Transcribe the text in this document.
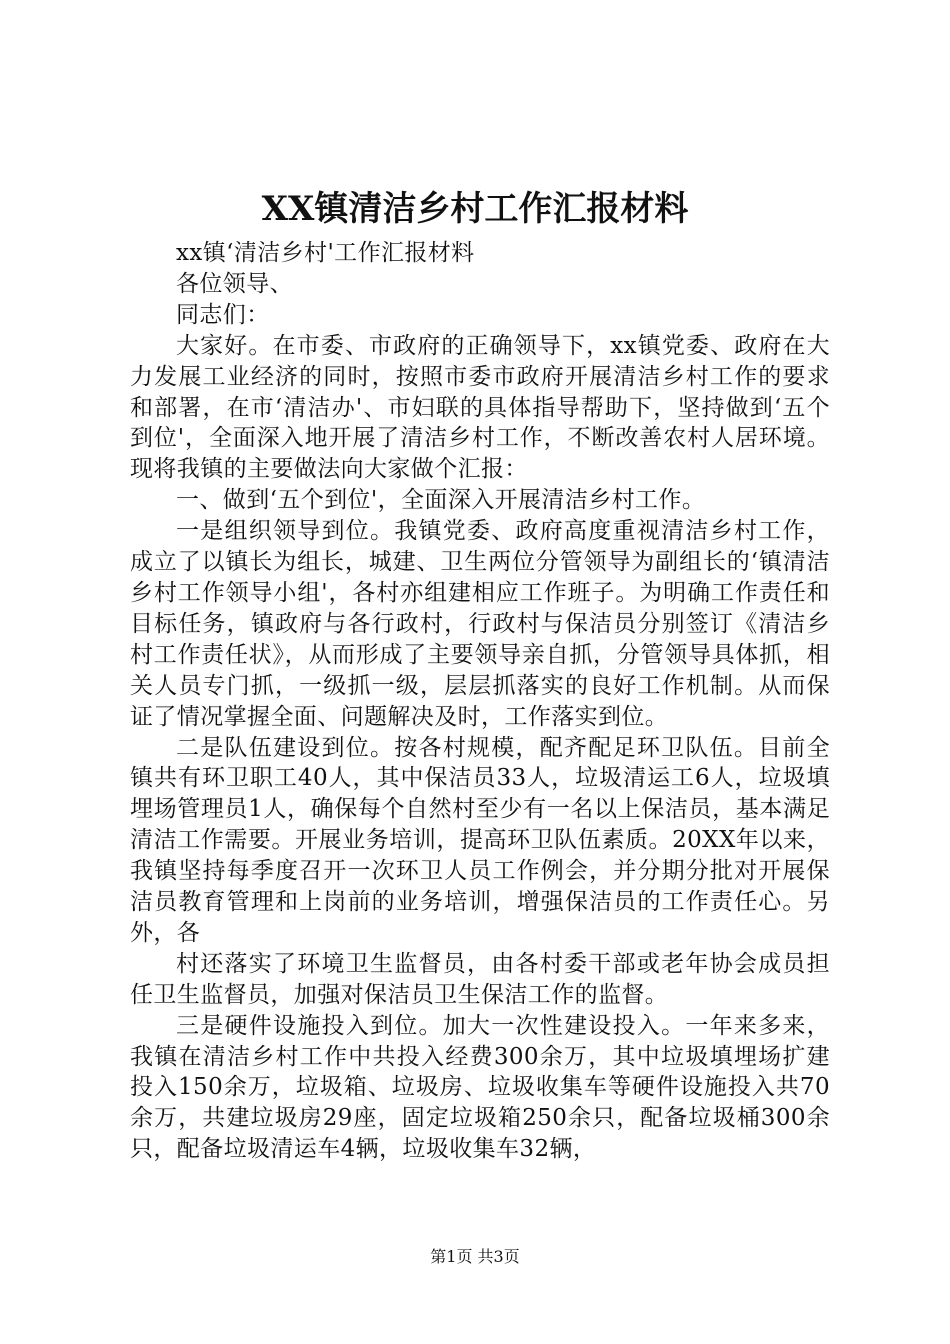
XX镇清洁乡村工作汇报材料

xx镇‘清洁乡村'工作汇报材料

各位领导、

同志们：

大家好。在市委、市政府的正确领导下，xx镇党委、政府在大力发展工业经济的同时，按照市委市政府开展清洁乡村工作的要求和部署，在市‘清洁办'、市妇联的具体指导帮助下，坚持做到‘五个到位'，全面深入地开展了清洁乡村工作，不断改善农村人居环境。现将我镇的主要做法向大家做个汇报：

一、做到‘五个到位'，全面深入开展清洁乡村工作。

一是组织领导到位。我镇党委、政府高度重视清洁乡村工作，成立了以镇长为组长，城建、卫生两位分管领导为副组长的‘镇清洁乡村工作领导小组'，各村亦组建相应工作班子。为明确工作责任和目标任务，镇政府与各行政村，行政村与保洁员分别签订《清洁乡村工作责任状》，从而形成了主要领导亲自抓，分管领导具体抓，相关人员专门抓，一级抓一级，层层抓落实的良好工作机制。从而保证了情况掌握全面、问题解决及时，工作落实到位。

二是队伍建设到位。按各村规模，配齐配足环卫队伍。目前全镇共有环卫职工40人，其中保洁员33人，垃圾清运工6人，垃圾填埋场管理员1人，确保每个自然村至少有一名以上保洁员，基本满足清洁工作需要。开展业务培训，提高环卫队伍素质。20XX年以来，我镇坚持每季度召开一次环卫人员工作例会，并分期分批对开展保洁员教育管理和上岗前的业务培训，增强保洁员的工作责任心。另外，各

村还落实了环境卫生监督员，由各村委干部或老年协会成员担任卫生监督员，加强对保洁员卫生保洁工作的监督。

三是硬件设施投入到位。加大一次性建设投入。一年来多来，我镇在清洁乡村工作中共投入经费300余万，其中垃圾填埋场扩建投入150余万，垃圾箱、垃圾房、垃圾收集车等硬件设施投入共70余万，共建垃圾房29座，固定垃圾箱250余只，配备垃圾桶300余只，配备垃圾清运车4辆，垃圾收集车32辆，

第1页 共3页
